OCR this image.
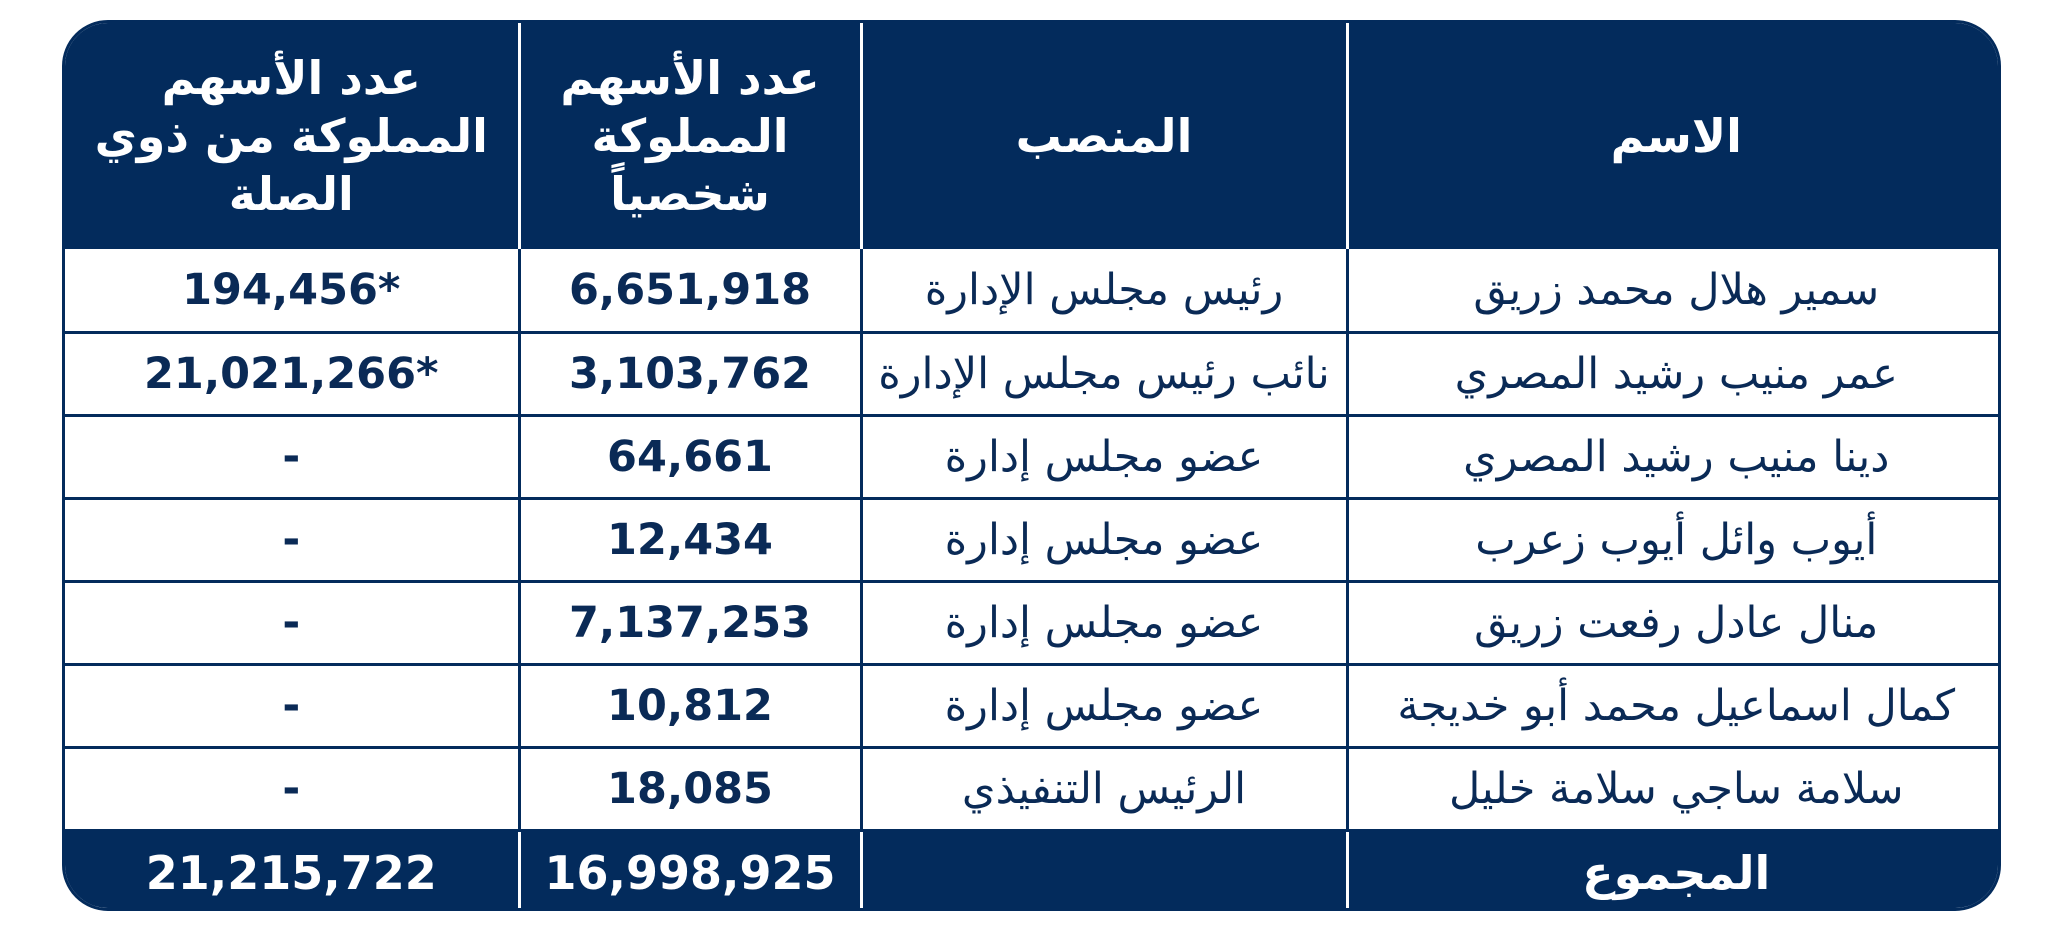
الاسم	المنصب	عدد الأسهم المملوكة شخصياً	عدد الأسهم المملوكة من ذوي الصلة
سمير هلال محمد زريق	رئيس مجلس الإدارة	6,651,918	194,456*
عمر منيب رشيد المصري	نائب رئيس مجلس الإدارة	3,103,762	21,021,266*
دينا منيب رشيد المصري	عضو مجلس إدارة	64,661	-
أيوب وائل أيوب زعرب	عضو مجلس إدارة	12,434	-
منال عادل رفعت زريق	عضو مجلس إدارة	7,137,253	-
كمال اسماعيل محمد أبو خديجة	عضو مجلس إدارة	10,812	-
سلامة ساجي سلامة خليل	الرئيس التنفيذي	18,085	-
المجموع		16,998,925	21,215,722
